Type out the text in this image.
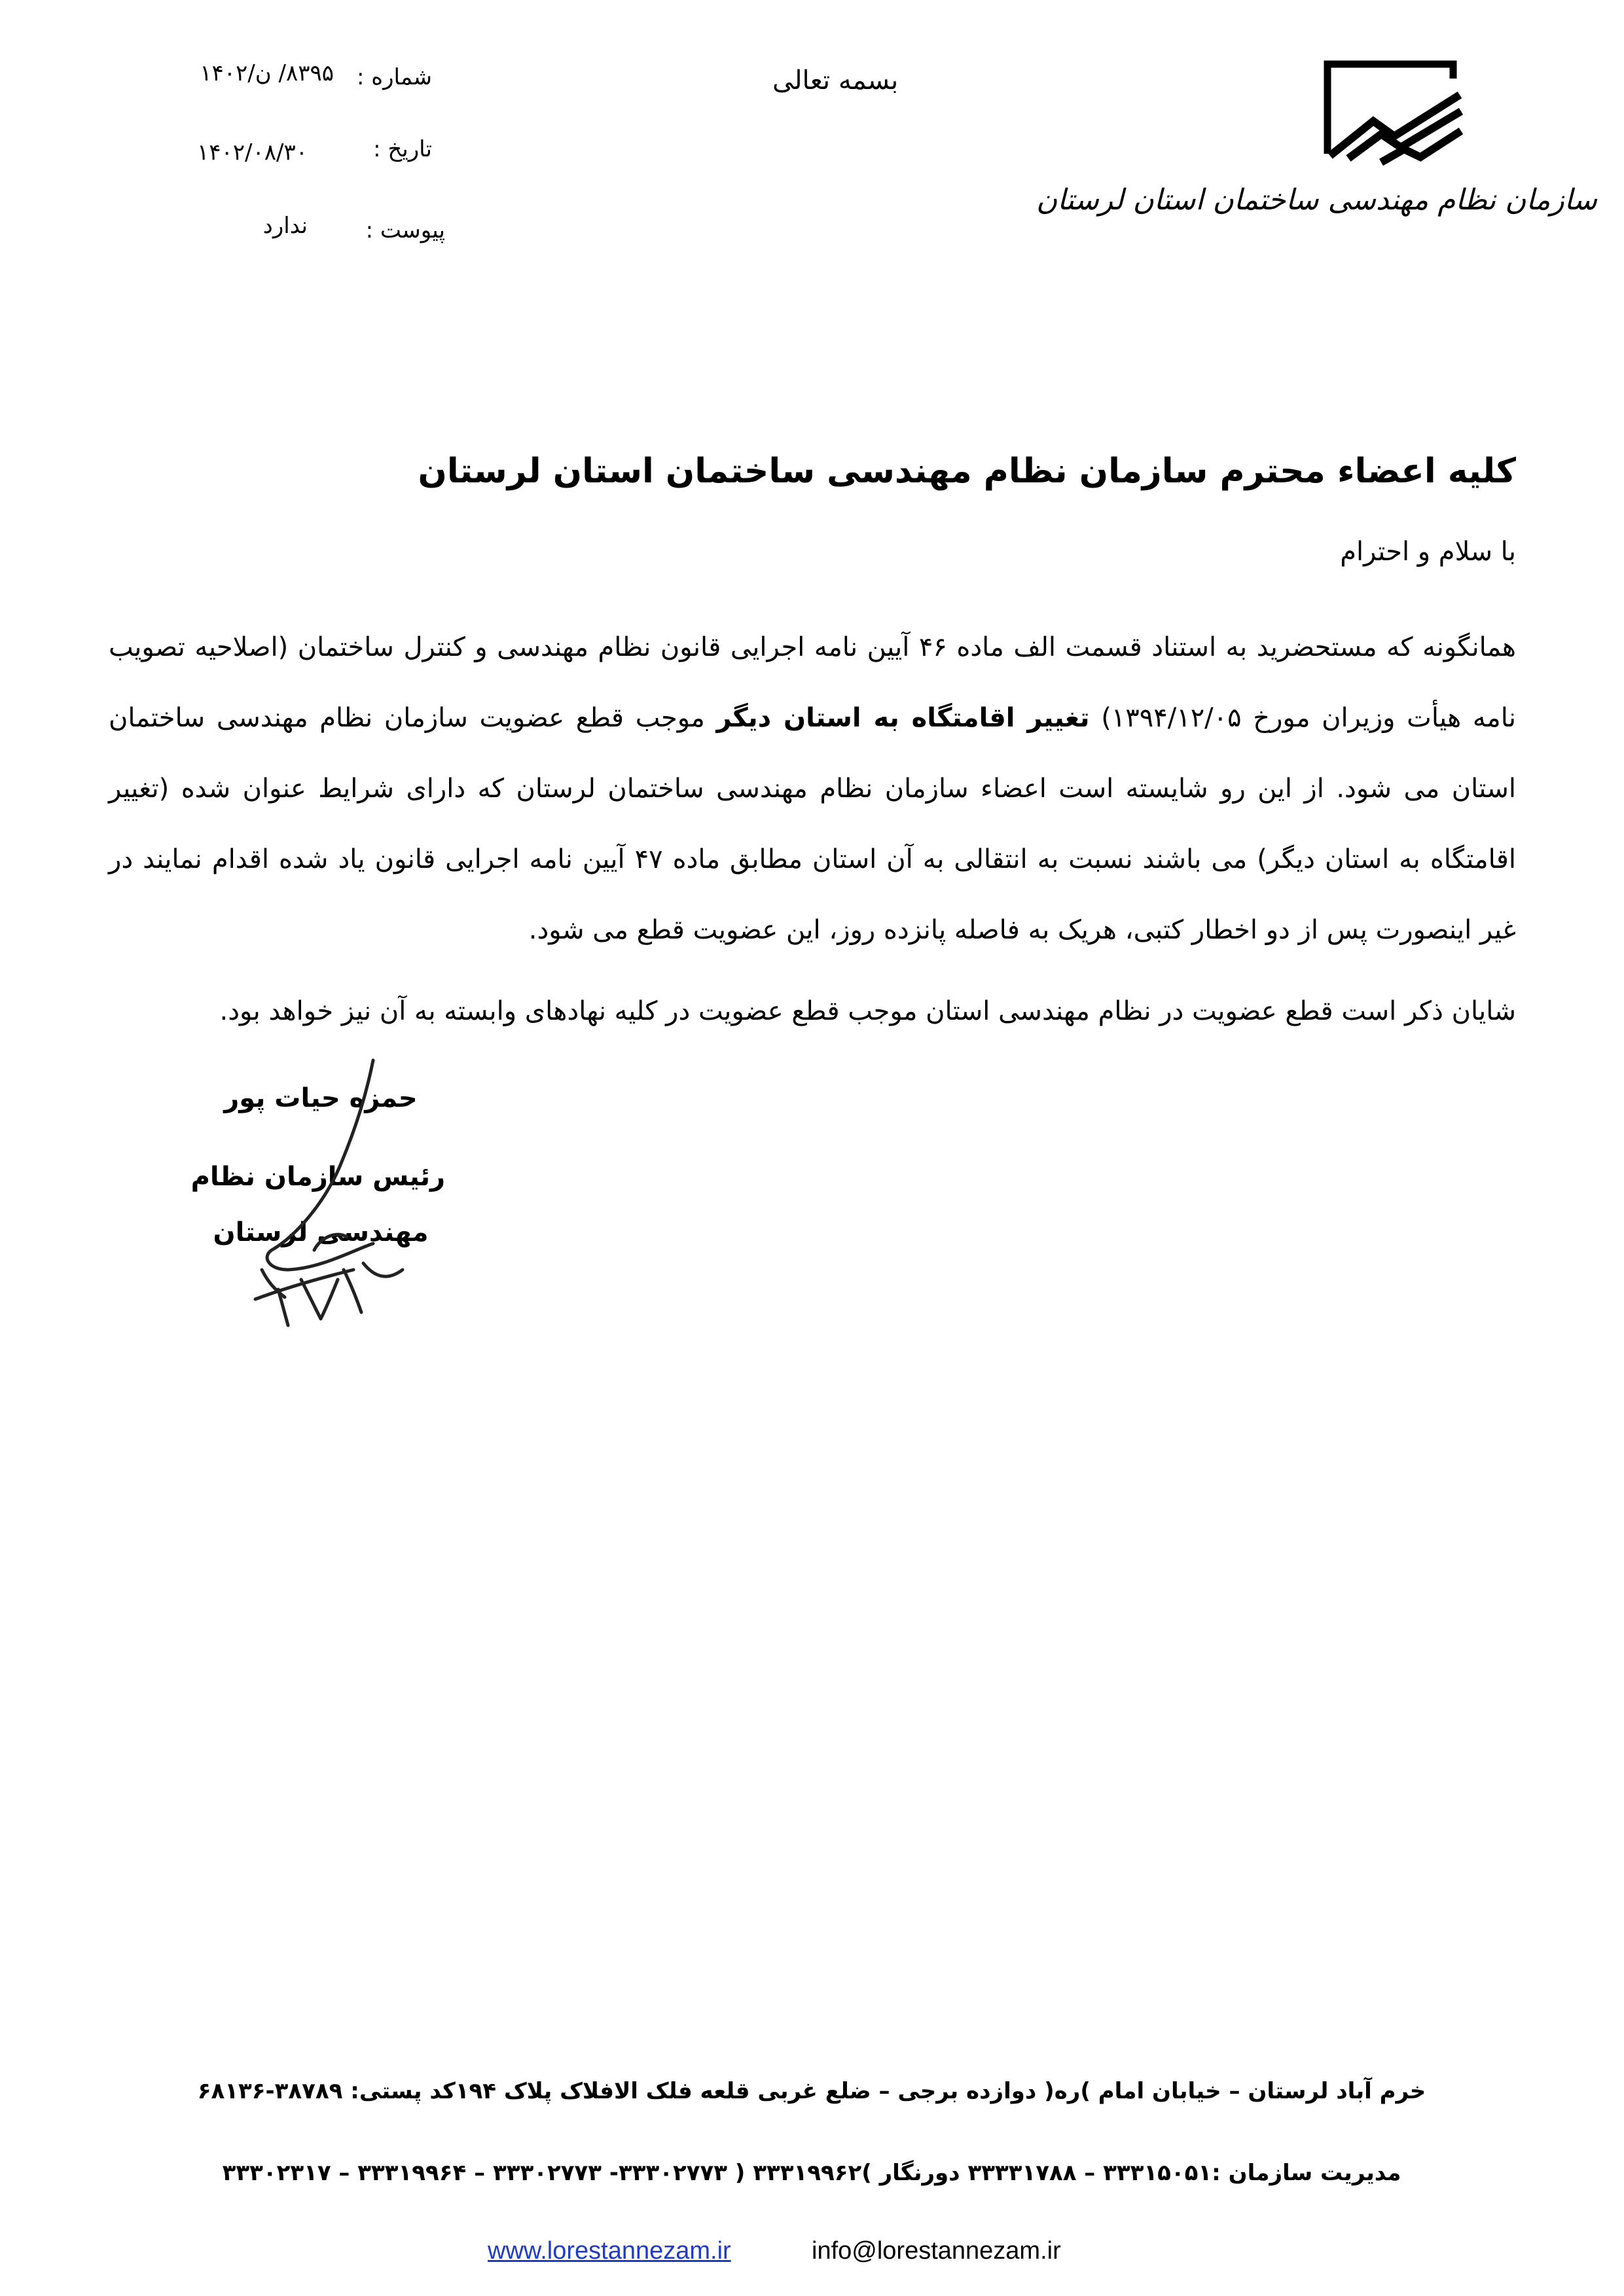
بسمه تعالی
شماره :
۸۳۹۵/ ن/۱۴۰۲
تاریخ :
۱۴۰۲/۰۸/۳۰
پیوست :
ندارد
سازمان نظام مهندسی ساختمان استان لرستان
کلیه اعضاء محترم سازمان نظام مهندسی ساختمان استان لرستان
با سلام و احترام
همانگونه که مستحضرید به استناد قسمت الف ماده ۴۶ آیین نامه اجرایی قانون نظام مهندسی و کنترل ساختمان (اصلاحیه تصویب نامه هیأت وزیران مورخ ۱۳۹۴/۱۲/۰۵) تغییر اقامتگاه به استان دیگر موجب قطع عضویت سازمان نظام مهندسی ساختمان استان می شود. از این رو شایسته است اعضاء سازمان نظام مهندسی ساختمان لرستان که دارای شرایط عنوان شده (تغییر اقامتگاه به استان دیگر) می باشند نسبت به انتقالی به آن استان مطابق ماده ۴۷ آیین نامه اجرایی قانون یاد شده اقدام نمایند در غیر اینصورت پس از دو اخطار کتبی، هریک به فاصله پانزده روز، این عضویت قطع می شود.
شایان ذکر است قطع عضویت در نظام مهندسی استان موجب قطع عضویت در کلیه نهادهای وابسته به آن نیز خواهد بود.
حمزه حیات پور
رئیس سازمان نظام
مهندسی لرستان
خرم آباد لرستان – خیابان امام )ره( دوازده برجی – ضلع غربی قلعه فلک الافلاک پلاک ۱۹۴کد پستی: ۳۸۷۸۹-۶۸۱۳۶
مدیریت سازمان :۳۳۳۱۵۰۵۱ – ۳۳۳۳۱۷۸۸ دورنگار )۳۳۳۱۹۹۶۲ ( ۳۳۳۰۲۷۷۳- ۳۳۳۰۲۷۷۳ – ۳۳۳۱۹۹۶۴ – ۳۳۳۰۲۳۱۷
www.lorestannezam.ir	info@lorestannezam.ir
